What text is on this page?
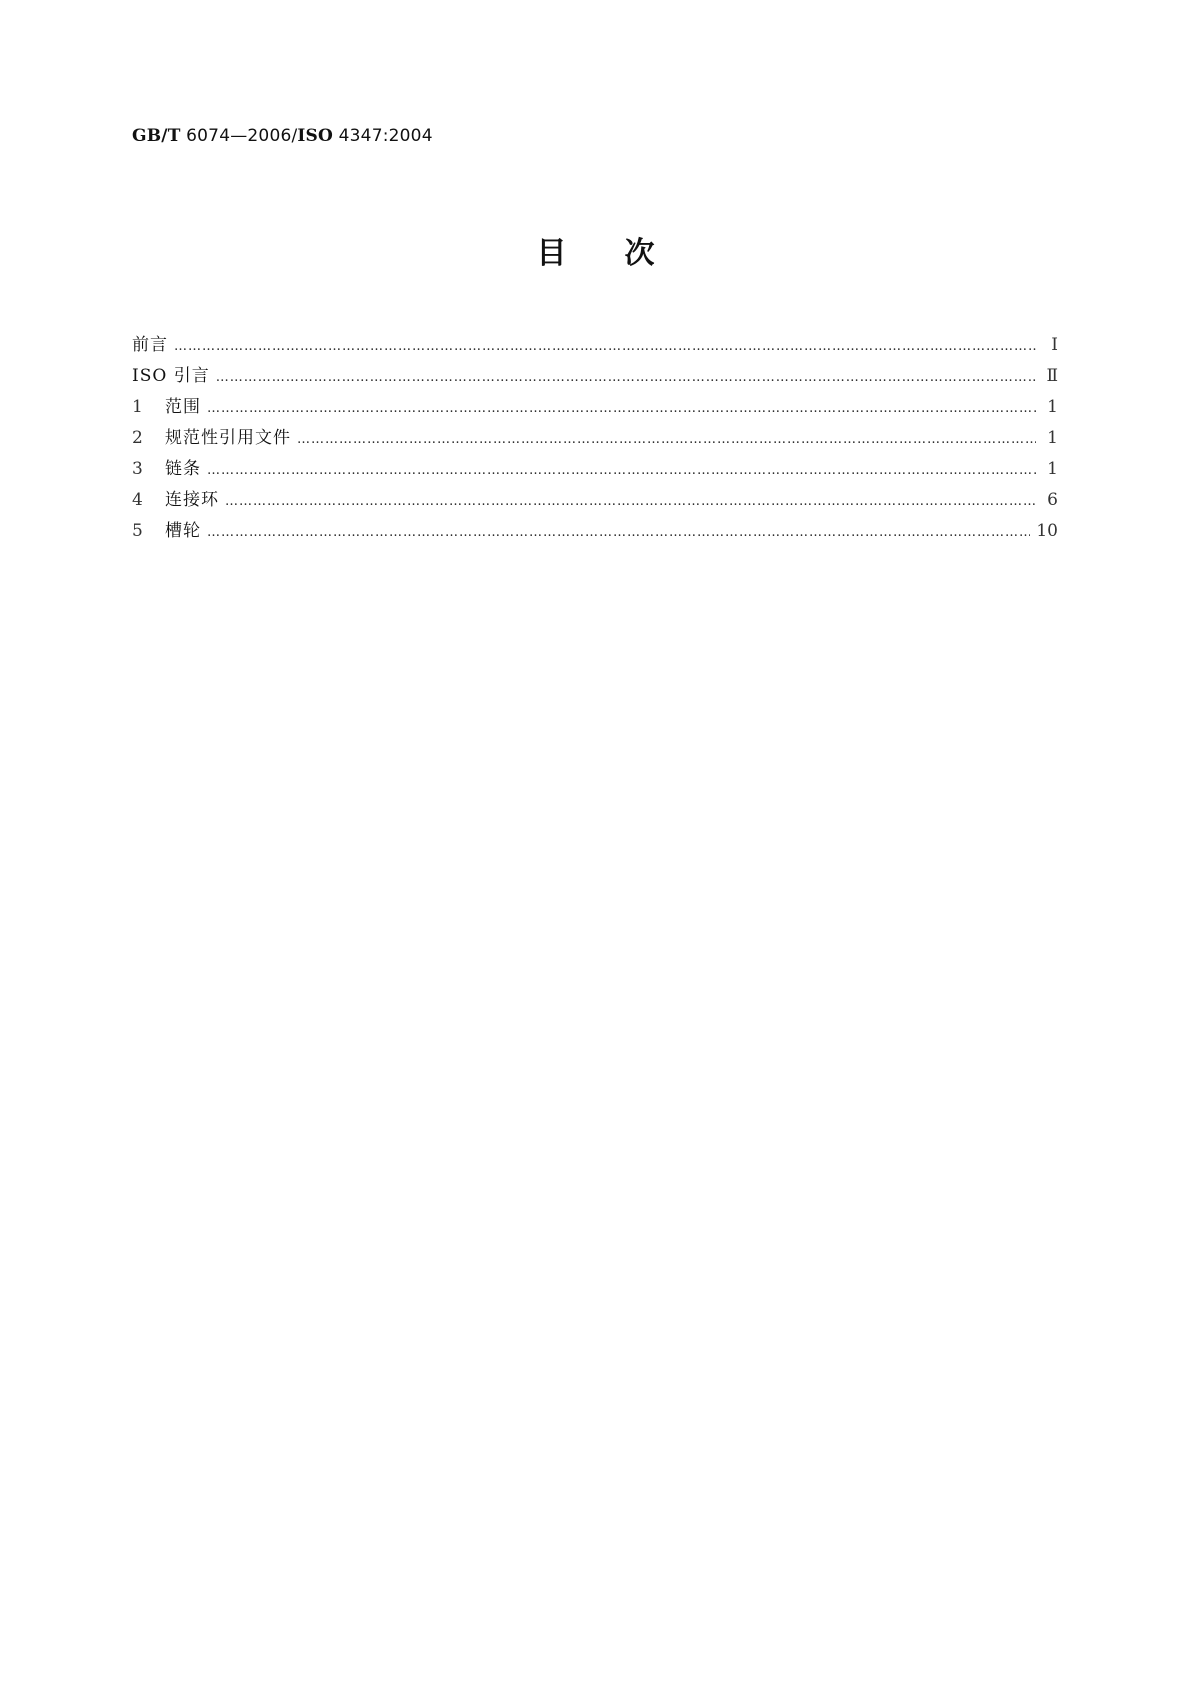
GB/T 6074—2006/ISO 4347:2004
目次
前言 ……………………………………………………………………………………………………………………………………………………………………………………………………………………………………………………………………	Ⅰ
ISO 引言 ……………………………………………………………………………………………………………………………………………………………………………………………………………………………………………………………………	Ⅱ
1	范围 ……………………………………………………………………………………………………………………………………………………………………………………………………………………………………………………………………	1
2	规范性引用文件 ……………………………………………………………………………………………………………………………………………………………………………………………………………………………………………………………………	1
3	链条 ……………………………………………………………………………………………………………………………………………………………………………………………………………………………………………………………………	1
4	连接环 ……………………………………………………………………………………………………………………………………………………………………………………………………………………………………………………………………	6
5	槽轮 ……………………………………………………………………………………………………………………………………………………………………………………………………………………………………………………………………	10
